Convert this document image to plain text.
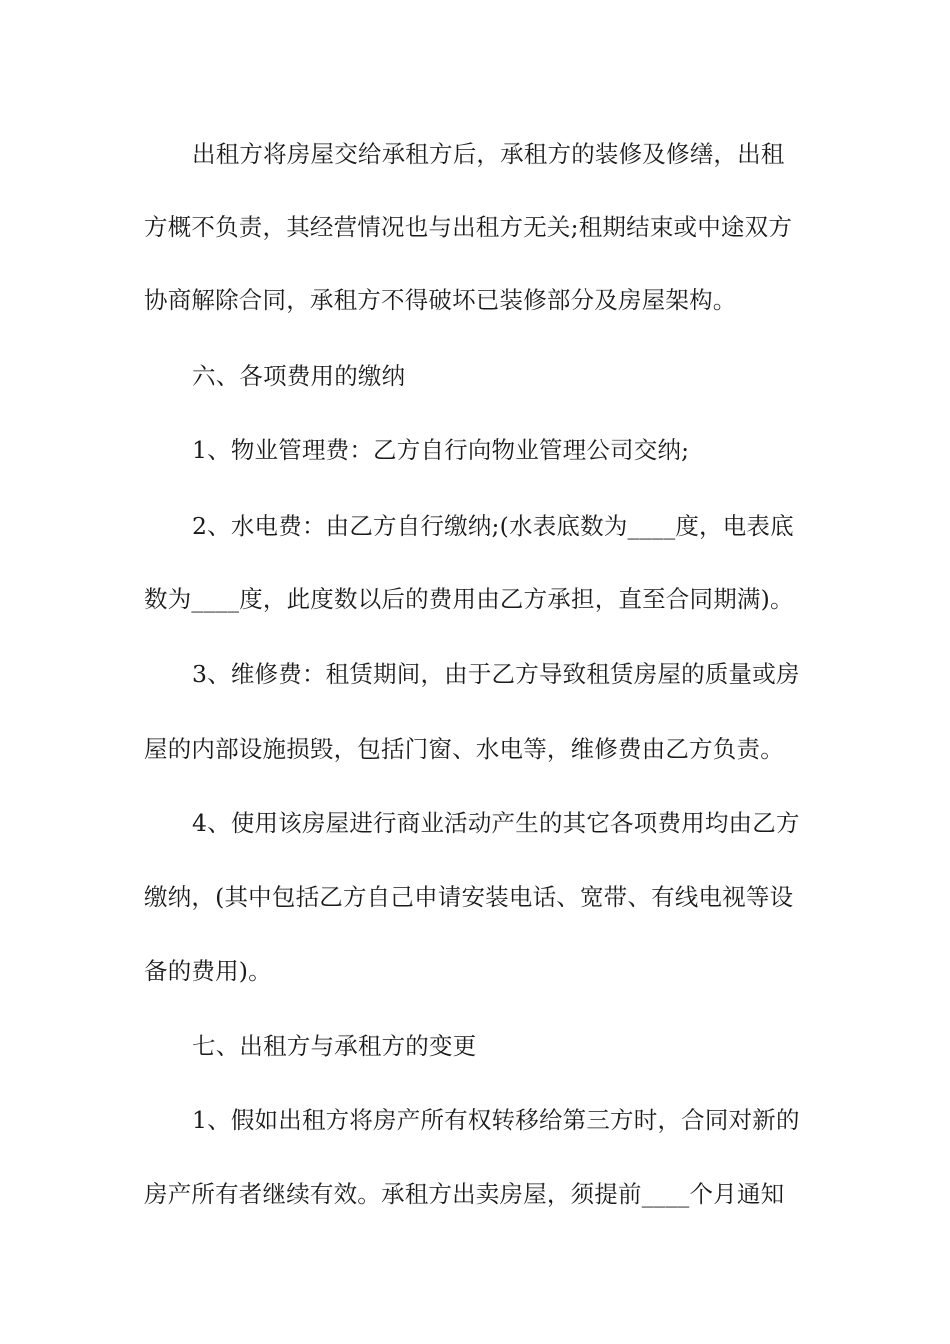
出租方将房屋交给承租方后，承租方的装修及修缮，出租
方概不负责，其经营情况也与出租方无关;租期结束或中途双方
协商解除合同，承租方不得破坏已装修部分及房屋架构。
六、各项费用的缴纳
1、物业管理费：乙方自行向物业管理公司交纳;
2、水电费：由乙方自行缴纳;(水表底数为____度，电表底
数为____度，此度数以后的费用由乙方承担，直至合同期满)。
3、维修费：租赁期间，由于乙方导致租赁房屋的质量或房
屋的内部设施损毁，包括门窗、水电等，维修费由乙方负责。
4、使用该房屋进行商业活动产生的其它各项费用均由乙方
缴纳，(其中包括乙方自己申请安装电话、宽带、有线电视等设
备的费用)。
七、出租方与承租方的变更
1、假如出租方将房产所有权转移给第三方时，合同对新的
房产所有者继续有效。承租方出卖房屋，须提前____个月通知
